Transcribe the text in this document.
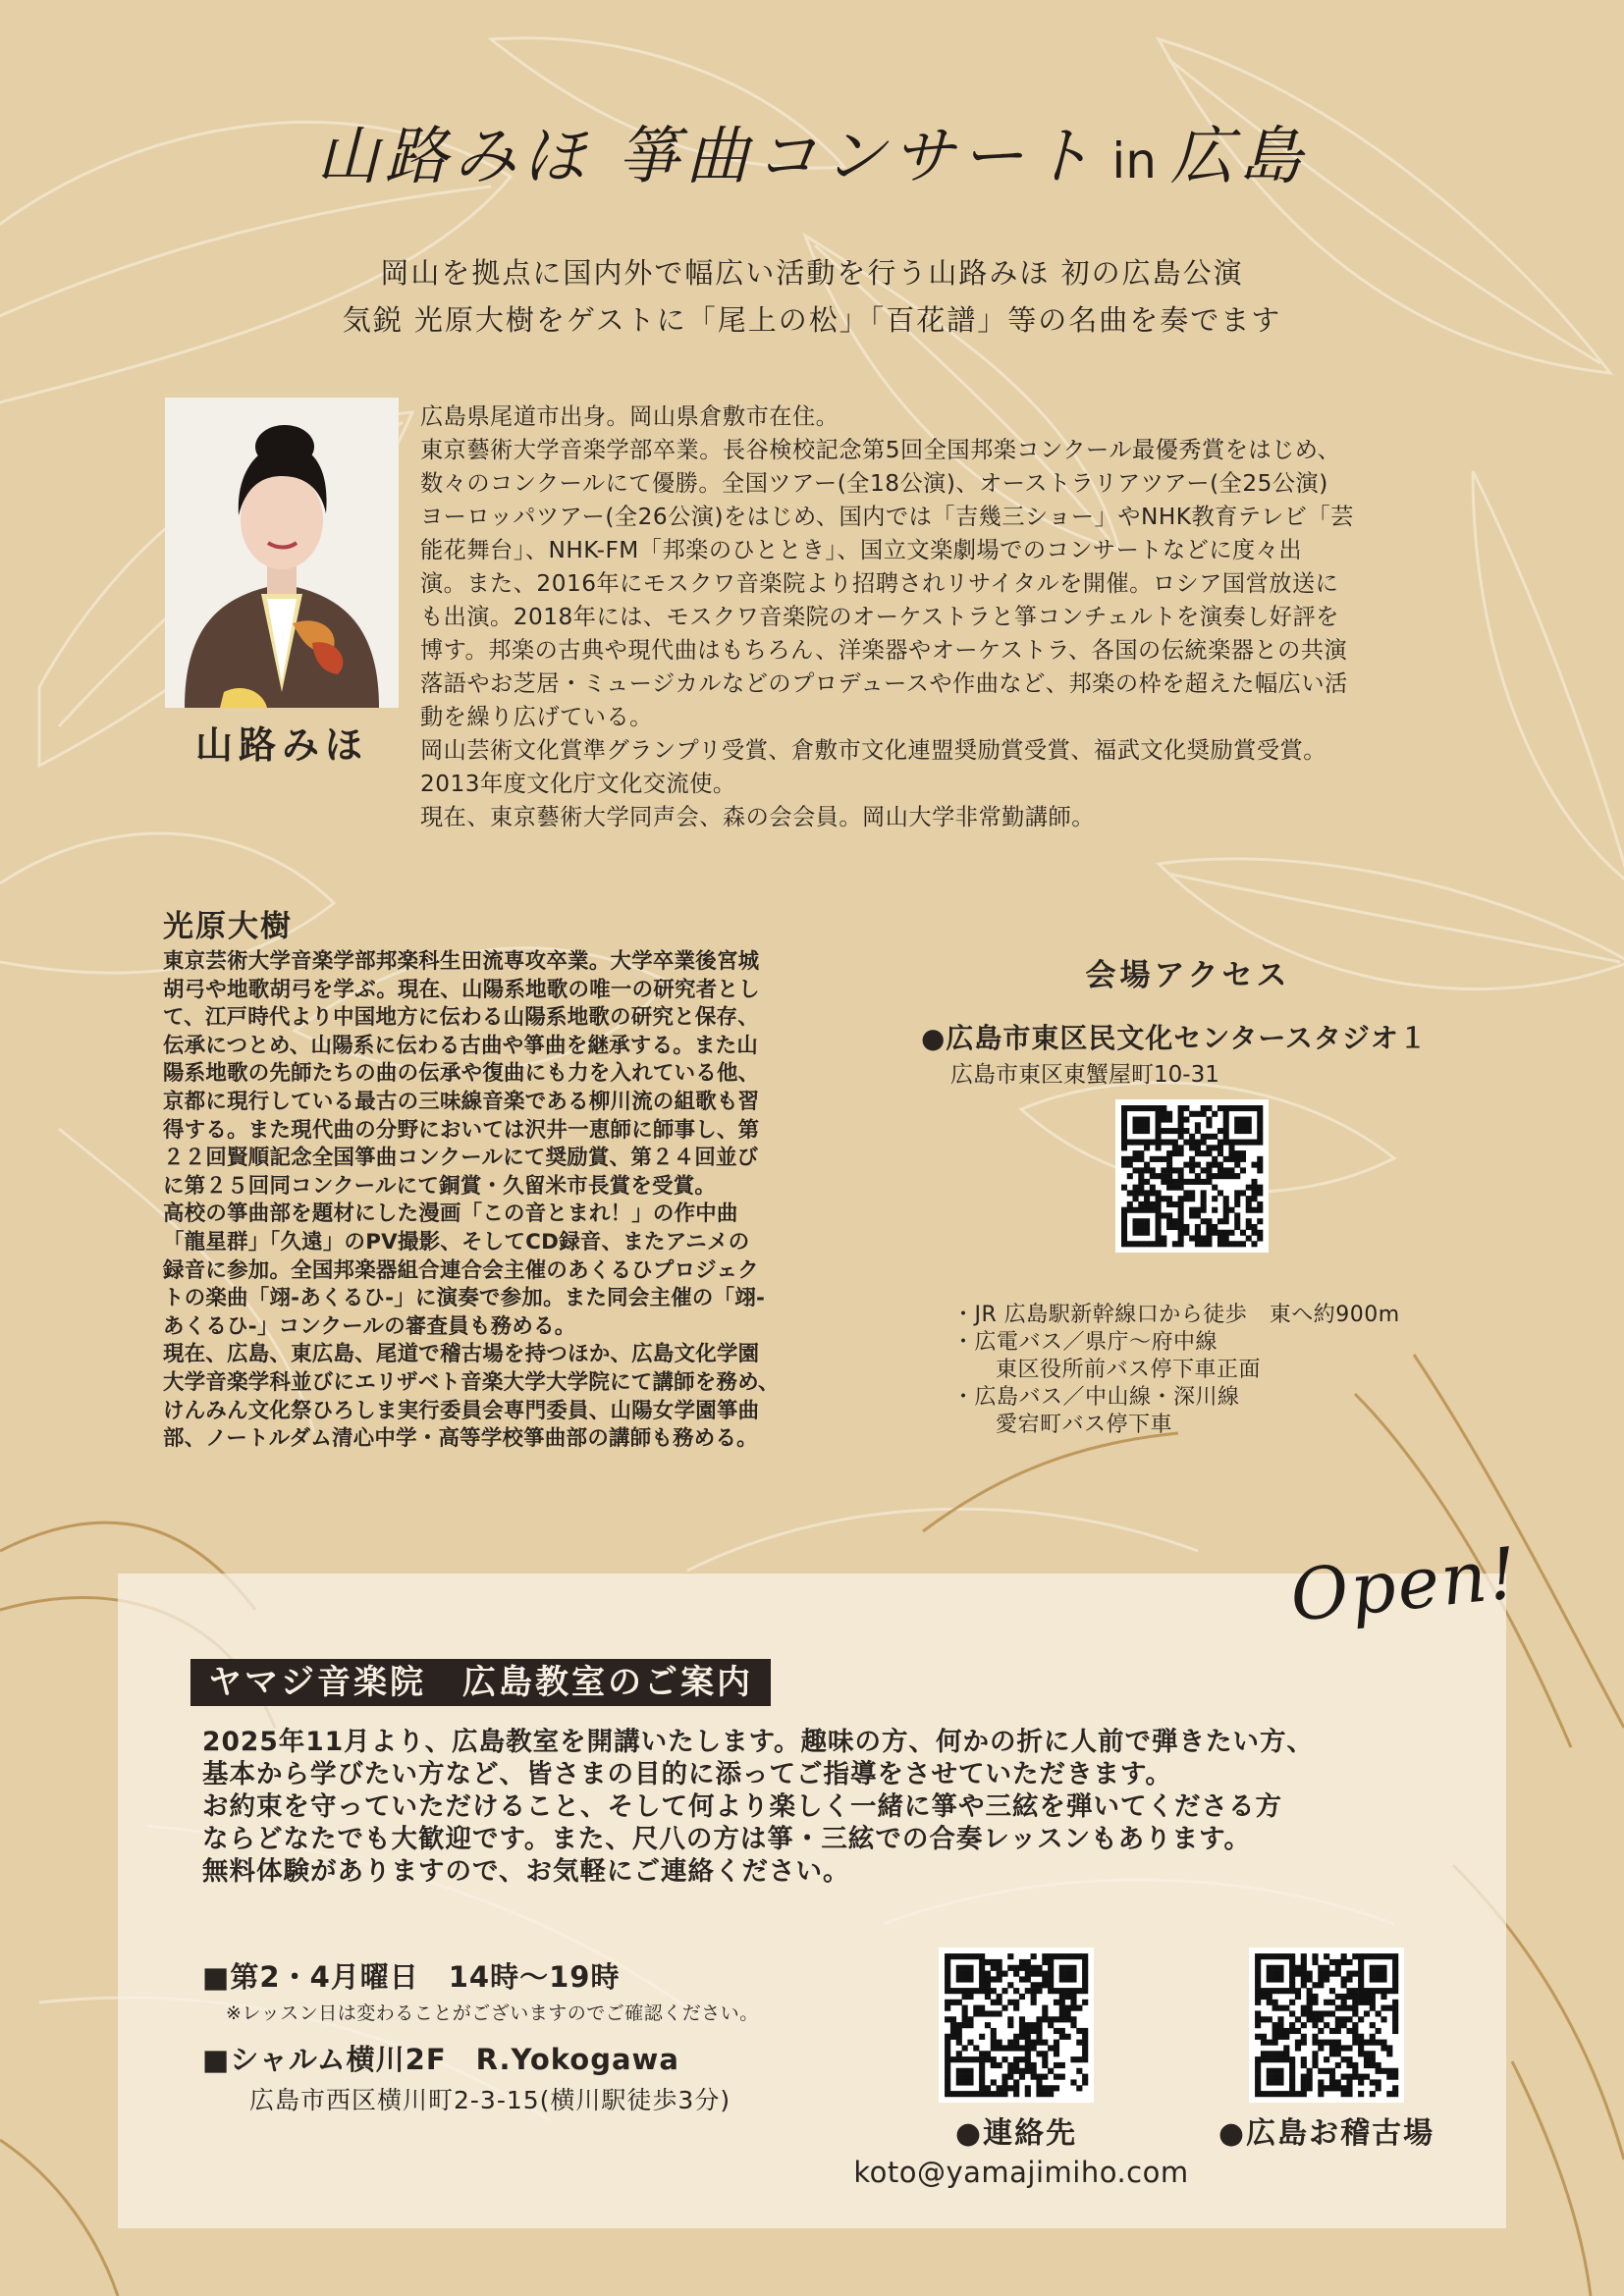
山路みほ 箏曲コンサート in 広島
岡山を拠点に国内外で幅広い活動を行う山路みほ 初の広島公演
気鋭 光原大樹をゲストに「尾上の松」「百花譜」等の名曲を奏でます
山路みほ

広島県尾道市出身。岡山県倉敷市在住。

東京藝術大学音楽学部卒業。長谷検校記念第5回全国邦楽コンクール最優秀賞をはじめ、

数々のコンクールにて優勝。全国ツアー(全18公演)、オーストラリアツアー(全25公演)

ヨーロッパツアー(全26公演)をはじめ、国内では「吉幾三ショー」やNHK教育テレビ「芸

能花舞台」、NHK-FM「邦楽のひととき」、国立文楽劇場でのコンサートなどに度々出

演。また、2016年にモスクワ音楽院より招聘されリサイタルを開催。ロシア国営放送に

も出演。2018年には、モスクワ音楽院のオーケストラと箏コンチェルトを演奏し好評を

博す。邦楽の古典や現代曲はもちろん、洋楽器やオーケストラ、各国の伝統楽器との共演

落語やお芝居・ミュージカルなどのプロデュースや作曲など、邦楽の枠を超えた幅広い活

動を繰り広げている。

岡山芸術文化賞準グランプリ受賞、倉敷市文化連盟奨励賞受賞、福武文化奨励賞受賞。

2013年度文化庁文化交流使。

現在、東京藝術大学同声会、森の会会員。岡山大学非常勤講師。

光原大樹

東京芸術大学音楽学部邦楽科生田流専攻卒業。大学卒業後宮城

胡弓や地歌胡弓を学ぶ。現在、山陽系地歌の唯一の研究者とし

て、江戸時代より中国地方に伝わる山陽系地歌の研究と保存、

伝承につとめ、山陽系に伝わる古曲や箏曲を継承する。また山

陽系地歌の先師たちの曲の伝承や復曲にも力を入れている他、

京都に現行している最古の三味線音楽である柳川流の組歌も習

得する。また現代曲の分野においては沢井一恵師に師事し、第

２２回賢順記念全国箏曲コンクールにて奨励賞、第２４回並び

に第２５回同コンクールにて銅賞・久留米市長賞を受賞。

高校の箏曲部を題材にした漫画「この音とまれ！」の作中曲

「龍星群」「久遠」のPV撮影、そしてCD録音、またアニメの

録音に参加。全国邦楽器組合連合会主催のあくるひプロジェク

トの楽曲「翊-あくるひ-」に演奏で参加。また同会主催の「翊-

あくるひ-」コンクールの審査員も務める。

現在、広島、東広島、尾道で稽古場を持つほか、広島文化学園

大学音楽学科並びにエリザベト音楽大学大学院にて講師を務め、

けんみん文化祭ひろしま実行委員会専門委員、山陽女学園箏曲

部、ノートルダム清心中学・高等学校箏曲部の講師も務める。

会場アクセス
●広島市東区民文化センタースタジオ１
広島市東区東蟹屋町10-31

・JR 広島駅新幹線口から徒歩　東へ約900m

・広電バス／県庁～府中線

東区役所前バス停下車正面

・広島バス／中山線・深川線

愛宕町バス停下車

Open!
ヤマジ音楽院　広島教室のご案内

2025年11月より、広島教室を開講いたします。趣味の方、何かの折に人前で弾きたい方、

基本から学びたい方など、皆さまの目的に添ってご指導をさせていただきます。

お約束を守っていただけること、そして何より楽しく一緒に箏や三絃を弾いてくださる方

ならどなたでも大歓迎です。また、尺八の方は箏・三絃での合奏レッスンもあります。

無料体験がありますので、お気軽にご連絡ください。

■第2・4月曜日　14時～19時
※レッスン日は変わることがございますのでご確認ください。
■シャルム横川2F　R.Yokogawa
広島市西区横川町2-3-15(横川駅徒歩3分)
●連絡先	●広島お稽古場
koto@yamajimiho.com
